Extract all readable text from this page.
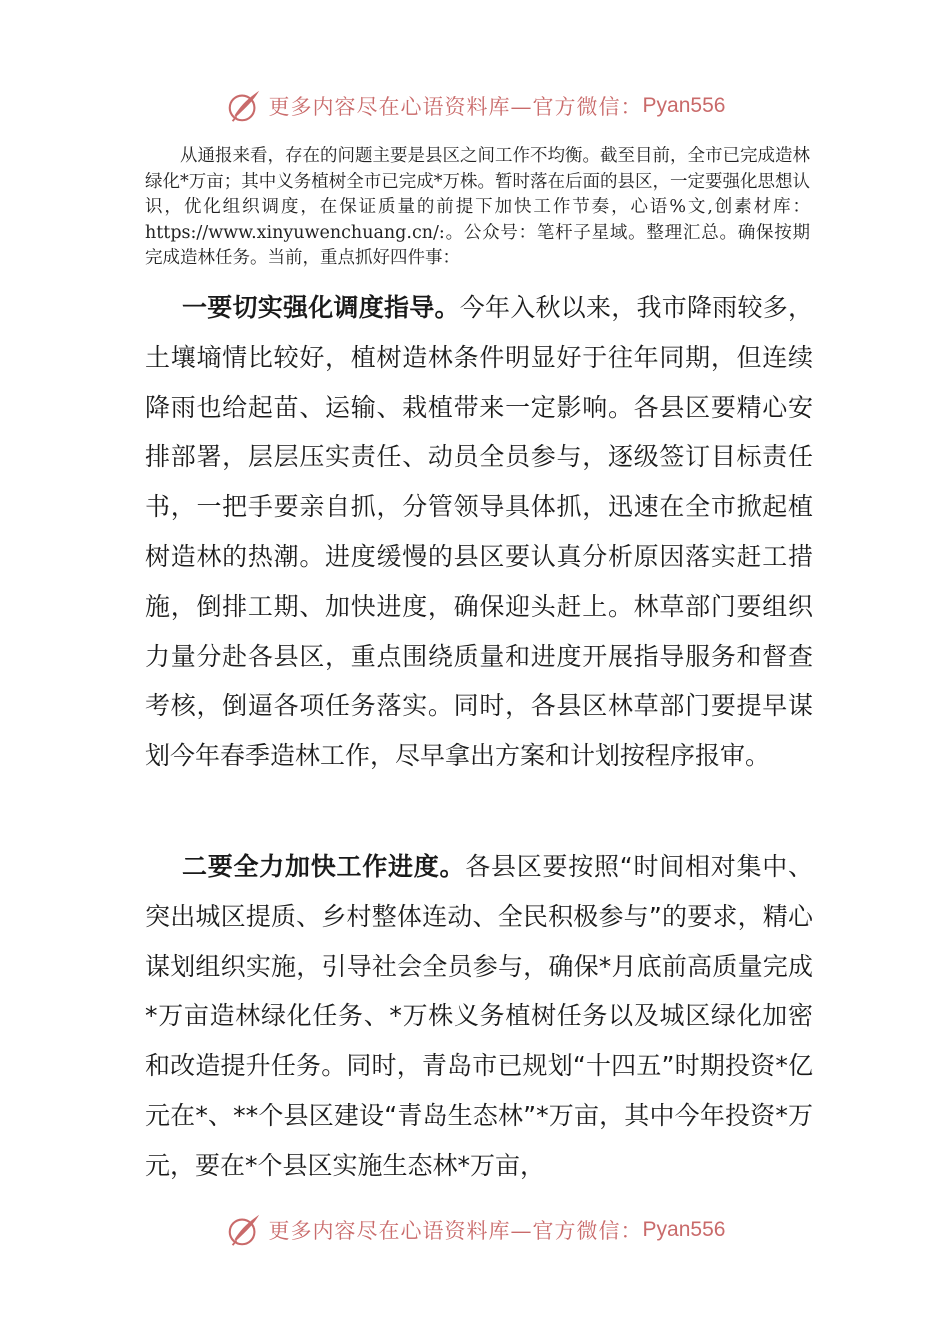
更多内容尽在心语资料库—官方微信： Pyan556

从通报来看，存在的问题主要是县区之间工作不均衡。截至目前，全市已完成造林绿化*万亩；其中义务植树全市已完成*万株。暂时落在后面的县区，一定要强化思想认识，优化组织调度，在保证质量的前提下加快工作节奏，心语%文,创素材库：https://www.xinyuwenchuang.cn/:。公众号：笔杆子星域。整理汇总。确保按期完成造林任务。当前，重点抓好四件事：

一要切实强化调度指导。今年入秋以来，我市降雨较多，土壤墒情比较好，植树造林条件明显好于往年同期，但连续降雨也给起苗、运输、栽植带来一定影响。各县区要精心安排部署，层层压实责任、动员全员参与，逐级签订目标责任书，一把手要亲自抓，分管领导具体抓，迅速在全市掀起植树造林的热潮。进度缓慢的县区要认真分析原因落实赶工措施，倒排工期、加快进度，确保迎头赶上。林草部门要组织力量分赴各县区，重点围绕质量和进度开展指导服务和督查考核，倒逼各项任务落实。同时，各县区林草部门要提早谋划今年春季造林工作，尽早拿出方案和计划按程序报审。

二要全力加快工作进度。各县区要按照“时间相对集中、突出城区提质、乡村整体连动、全民积极参与”的要求，精心谋划组织实施，引导社会全员参与，确保*月底前高质量完成*万亩造林绿化任务、*万株义务植树任务以及城区绿化加密和改造提升任务。同时，青岛市已规划“十四五”时期投资*亿元在*、**个县区建设“青岛生态林”*万亩，其中今年投资*万元，要在*个县区实施生态林*万亩，

更多内容尽在心语资料库—官方微信： Pyan556
